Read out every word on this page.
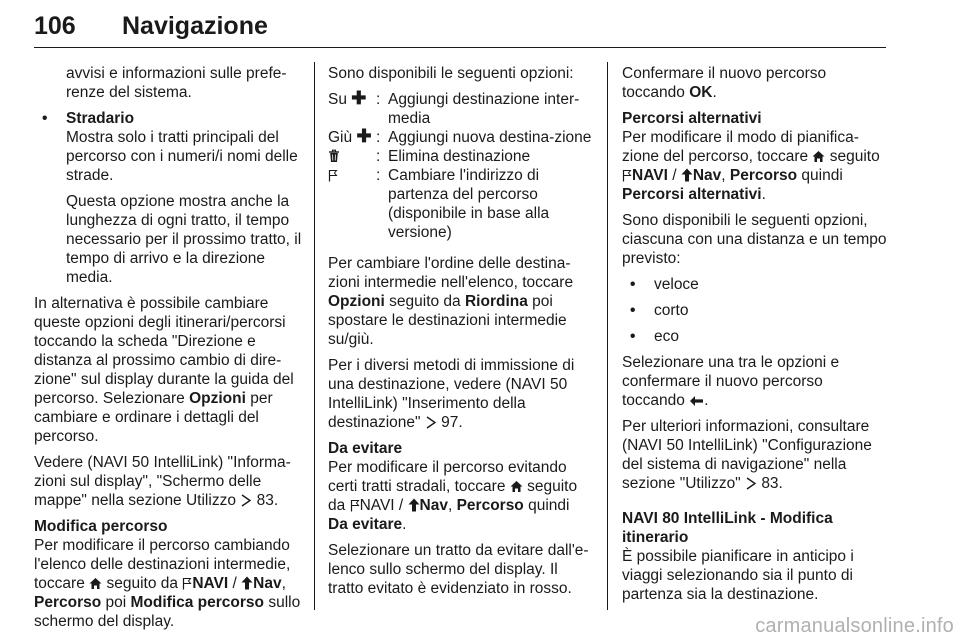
106 Navigazione

avvisi e informazioni sulle prefe-renze del sistema.

• Stradario

Mostra solo i tratti principali del percorso con i numeri/i nomi delle strade.

Questa opzione mostra anche la lunghezza di ogni tratto, il tempo necessario per il prossimo tratto, il tempo di arrivo e la direzione media.

In alternativa è possibile cambiare queste opzioni degli itinerari/percorsi toccando la scheda "Direzione e distanza al prossimo cambio di dire-zione" sul display durante la guida del percorso. Selezionare Opzioni per cambiare e ordinare i dettagli del percorso.

Vedere (NAVI 50 IntelliLink) "Informa-zioni sul display", "Schermo delle mappe" nella sezione Utilizzo 83.

Modifica percorso

Per modificare il percorso cambiando l'elenco delle destinazioni intermedie, toccare seguito da NAVI / Nav, Percorso poi Modifica percorso sullo schermo del display.

Sono disponibili le seguenti opzioni:

Su ✚ : Aggiungi destinazione inter-media
Giù ✚ : Aggiungi nuova destina-zione
: Elimina destinazione
: Cambiare l'indirizzo di partenza del percorso (disponibile in base alla versione)

Per cambiare l'ordine delle destina-zioni intermedie nell'elenco, toccare Opzioni seguito da Riordina poi spostare le destinazioni intermedie su/giù.

Per i diversi metodi di immissione di una destinazione, vedere (NAVI 50 IntelliLink) "Inserimento della destinazione" 97.

Da evitare

Per modificare il percorso evitando certi tratti stradali, toccare seguito da NAVI / Nav, Percorso quindi Da evitare.

Selezionare un tratto da evitare dall'e-lenco sullo schermo del display. Il tratto evitato è evidenziato in rosso.

Confermare il nuovo percorso toccando OK.

Percorsi alternativi

Per modificare il modo di pianifica-zione del percorso, toccare seguito NAVI / Nav, Percorso quindi Percorsi alternativi.

Sono disponibili le seguenti opzioni, ciascuna con una distanza e un tempo previsto:

• veloce
• corto
• eco

Selezionare una tra le opzioni e confermare il nuovo percorso toccando .

Per ulteriori informazioni, consultare (NAVI 50 IntelliLink) "Configurazione del sistema di navigazione" nella sezione "Utilizzo" 83.

NAVI 80 IntelliLink - Modifica itinerario

È possibile pianificare in anticipo i viaggi selezionando sia il punto di partenza sia la destinazione.

carmanualsonline.info
